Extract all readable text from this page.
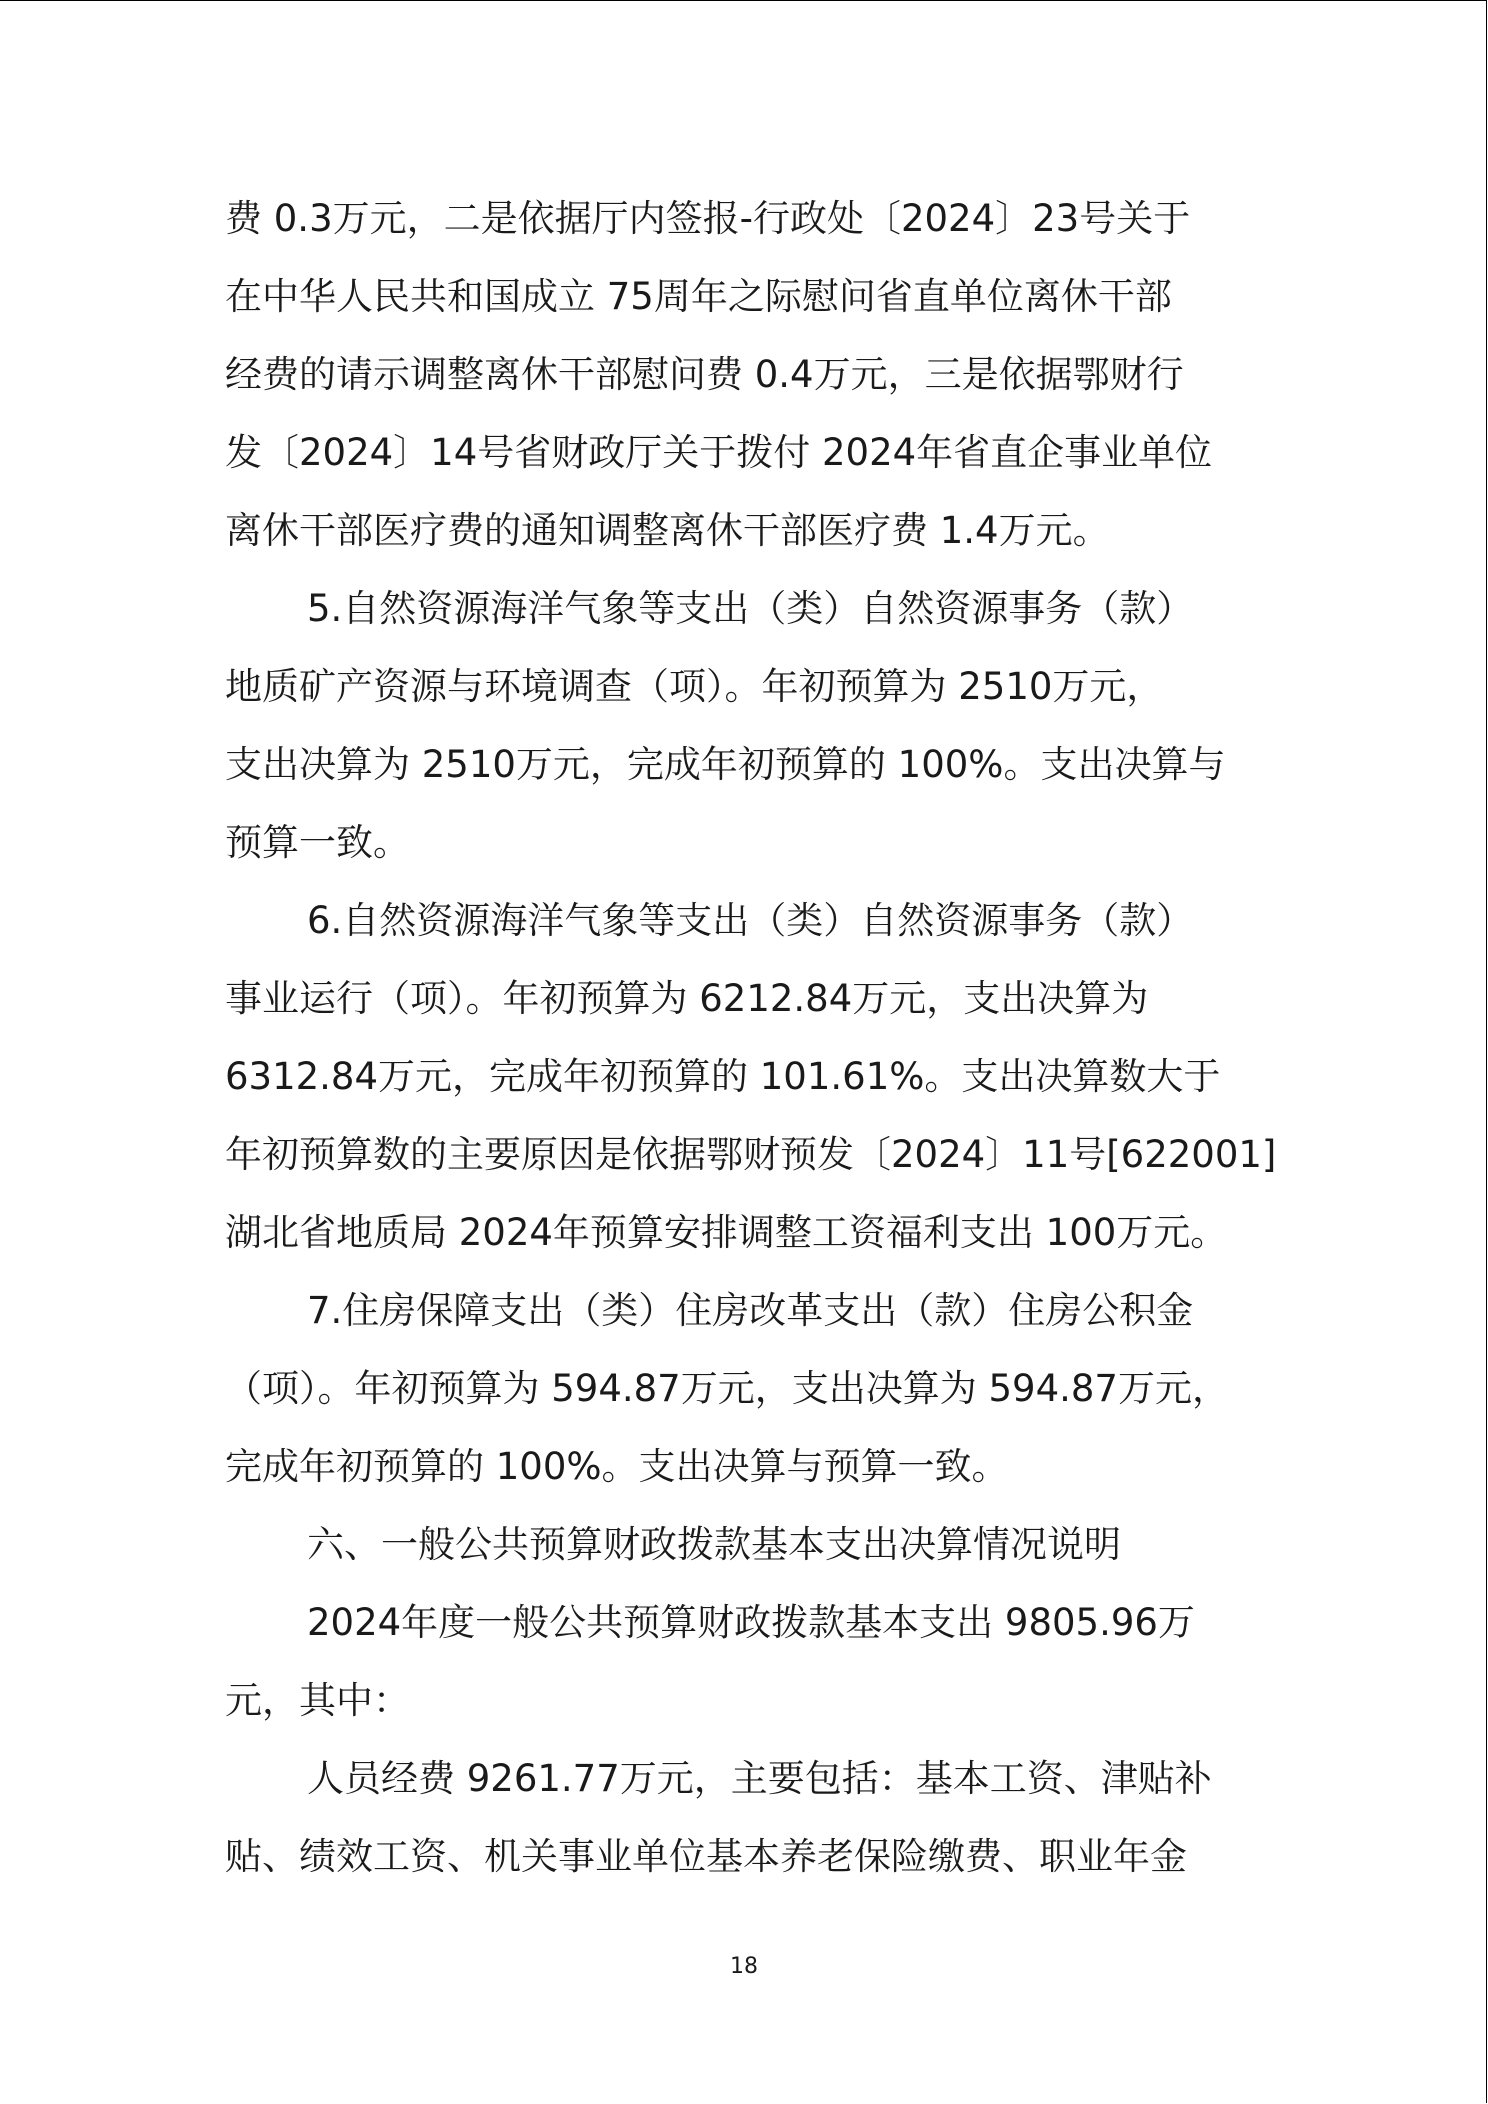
费 0.3万元，二是依据厅内签报-行政处〔2024〕23号关于
在中华人民共和国成立 75周年之际慰问省直单位离休干部
经费的请示调整离休干部慰问费 0.4万元，三是依据鄂财行
发〔2024〕14号省财政厅关于拨付 2024年省直企事业单位
离休干部医疗费的通知调整离休干部医疗费 1.4万元。
5.自然资源海洋气象等支出（类）自然资源事务（款）
地质矿产资源与环境调查（项）。年初预算为 2510万元，
支出决算为 2510万元，完成年初预算的 100%。支出决算与
预算一致。
6.自然资源海洋气象等支出（类）自然资源事务（款）
事业运行（项）。年初预算为 6212.84万元，支出决算为
6312.84万元，完成年初预算的 101.61%。支出决算数大于
年初预算数的主要原因是依据鄂财预发〔2024〕11号[622001]
湖北省地质局 2024年预算安排调整工资福利支出 100万元。
7.住房保障支出（类）住房改革支出（款）住房公积金
（项）。年初预算为 594.87万元，支出决算为 594.87万元，
完成年初预算的 100%。支出决算与预算一致。
六、一般公共预算财政拨款基本支出决算情况说明
2024年度一般公共预算财政拨款基本支出 9805.96万
元，其中：
人员经费 9261.77万元，主要包括：基本工资、津贴补
贴、绩效工资、机关事业单位基本养老保险缴费、职业年金
18
